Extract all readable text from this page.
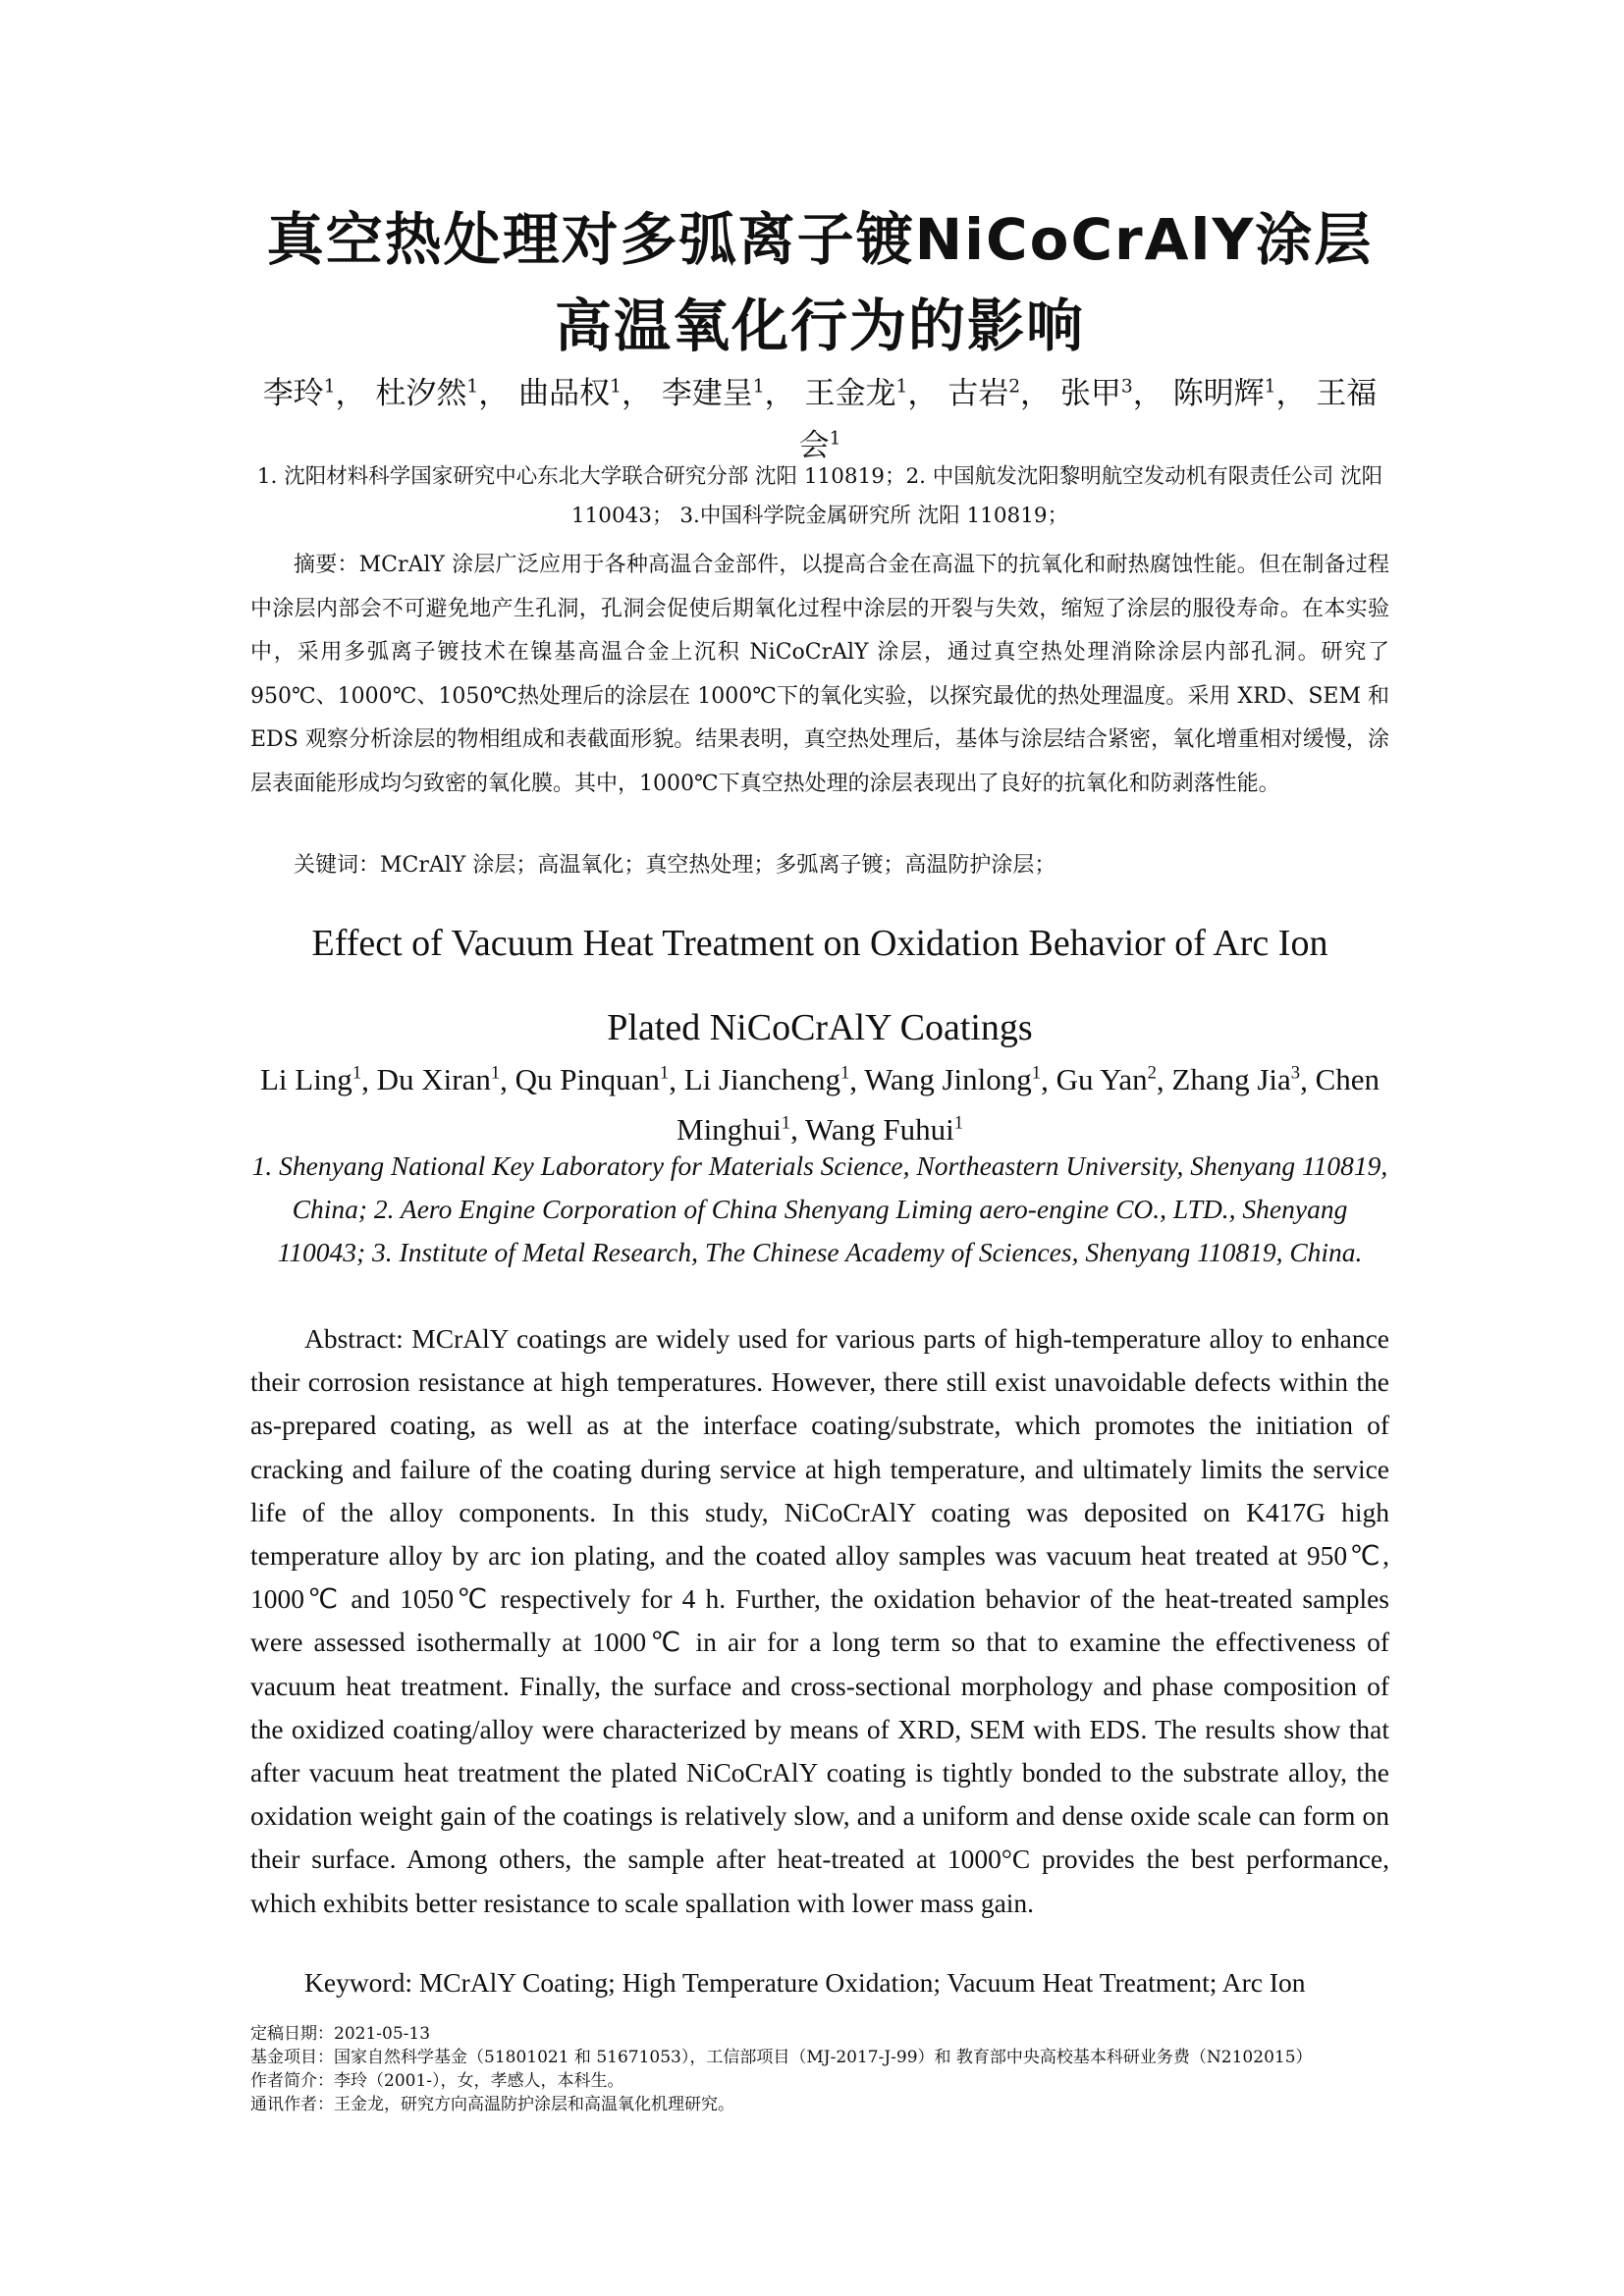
真空热处理对多弧离子镀NiCoCrAlY涂层高温氧化行为的影响
李玲$^1$， 杜汐然$^1$， 曲品权$^1$， 李建呈$^1$， 王金龙$^1$， 古岩$^2$， 张甲$^3$， 陈明辉$^1$， 王福会$^1$
1. 沈阳材料科学国家研究中心东北大学联合研究分部 沈阳 110819；2. 中国航发沈阳黎明航空发动机有限责任公司 沈阳 110043； 3.中国科学院金属研究所 沈阳 110819；
摘要：MCrAlY 涂层广泛应用于各种高温合金部件，以提高合金在高温下的抗氧化和耐热腐蚀性能。但在制备过程中涂层内部会不可避免地产生孔洞，孔洞会促使后期氧化过程中涂层的开裂与失效，缩短了涂层的服役寿命。在本实验中，采用多弧离子镀技术在镍基高温合金上沉积 NiCoCrAlY 涂层，通过真空热处理消除涂层内部孔洞。研究了 950℃、1000℃、1050℃热处理后的涂层在 1000℃下的氧化实验，以探究最优的热处理温度。采用 XRD、SEM 和 EDS 观察分析涂层的物相组成和表截面形貌。结果表明，真空热处理后，基体与涂层结合紧密，氧化增重相对缓慢，涂层表面能形成均匀致密的氧化膜。其中，1000℃下真空热处理的涂层表现出了良好的抗氧化和防剥落性能。
关键词：MCrAlY 涂层；高温氧化；真空热处理；多弧离子镀；高温防护涂层；
Effect of Vacuum Heat Treatment on Oxidation Behavior of Arc Ion
Plated NiCoCrAlY Coatings
Li Ling$^1$, Du Xiran$^1$, Qu Pinquan$^1$, Li Jiancheng$^1$, Wang Jinlong$^1$, Gu Yan$^2$, Zhang Jia$^3$, Chen Minghui$^1$, Wang Fuhui$^1$
1. Shenyang National Key Laboratory for Materials Science, Northeastern University, Shenyang 110819, China; 2. Aero Engine Corporation of China Shenyang Liming aero-engine CO., LTD., Shenyang 110043; 3. Institute of Metal Research, The Chinese Academy of Sciences, Shenyang 110819, China.
Abstract: MCrAlY coatings are widely used for various parts of high-temperature alloy to enhance their corrosion resistance at high temperatures. However, there still exist unavoidable defects within the as-prepared coating, as well as at the interface coating/substrate, which promotes the initiation of cracking and failure of the coating during service at high temperature, and ultimately limits the service life of the alloy components. In this study, NiCoCrAlY coating was deposited on K417G high temperature alloy by arc ion plating, and the coated alloy samples was vacuum heat treated at 950℃, 1000℃ and 1050℃ respectively for 4 h. Further, the oxidation behavior of the heat-treated samples were assessed isothermally at 1000℃ in air for a long term so that to examine the effectiveness of vacuum heat treatment. Finally, the surface and cross-sectional morphology and phase composition of the oxidized coating/alloy were characterized by means of XRD, SEM with EDS. The results show that after vacuum heat treatment the plated NiCoCrAlY coating is tightly bonded to the substrate alloy, the oxidation weight gain of the coatings is relatively slow, and a uniform and dense oxide scale can form on their surface. Among others, the sample after heat-treated at 1000°C provides the best performance, which exhibits better resistance to scale spallation with lower mass gain.
Keyword: MCrAlY Coating; High Temperature Oxidation; Vacuum Heat Treatment; Arc Ion
定稿日期：2021-05-13
基金项目：国家自然科学基金（51801021 和 51671053），工信部项目（MJ-2017-J-99）和 教育部中央高校基本科研业务费（N2102015）
作者简介：李玲（2001-），女，孝感人，本科生。
通讯作者：王金龙，研究方向高温防护涂层和高温氧化机理研究。
